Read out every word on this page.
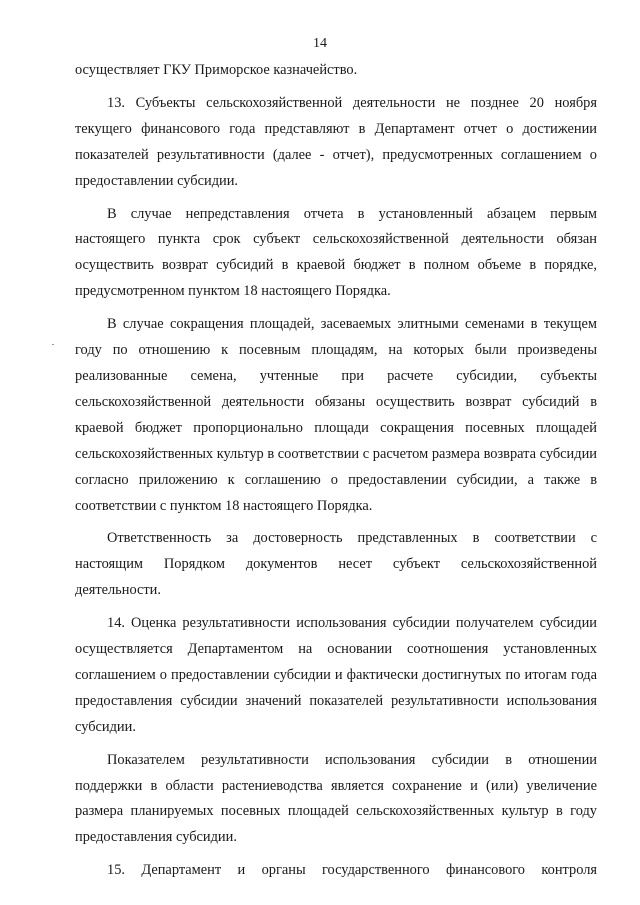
14

осуществляет ГКУ Приморское казначейство.

13. Субъекты сельскохозяйственной деятельности не позднее 20 ноября текущего финансового года представляют в Департамент отчет о достижении показателей результативности (далее - отчет), предусмотренных соглашением о предоставлении субсидии.

В случае непредставления отчета в установленный абзацем первым настоящего пункта срок субъект сельскохозяйственной деятельности обязан осуществить возврат субсидий в краевой бюджет в полном объеме в порядке, предусмотренном пунктом 18 настоящего Порядка.

В случае сокращения площадей, засеваемых элитными семенами в текущем году по отношению к посевным площадям, на которых были произведены реализованные семена, учтенные при расчете субсидии, субъекты сельскохозяйственной деятельности обязаны осуществить возврат субсидий в краевой бюджет пропорционально площади сокращения посевных площадей сельскохозяйственных культур в соответствии с расчетом размера возврата субсидии согласно приложению к соглашению о предоставлении субсидии, а также в соответствии с пунктом 18 настоящего Порядка.

Ответственность за достоверность представленных в соответствии с настоящим Порядком документов несет субъект сельскохозяйственной деятельности.

14. Оценка результативности использования субсидии получателем субсидии осуществляется Департаментом на основании соотношения установленных соглашением о предоставлении субсидии и фактически достигнутых по итогам года предоставления субсидии значений показателей результативности использования субсидии.

Показателем результативности использования субсидии в отношении поддержки в области растениеводства является сохранение и (или) увеличение размера планируемых посевных площадей сельскохозяйственных культур в году предоставления субсидии.

15. Департамент и органы государственного финансового контроля
